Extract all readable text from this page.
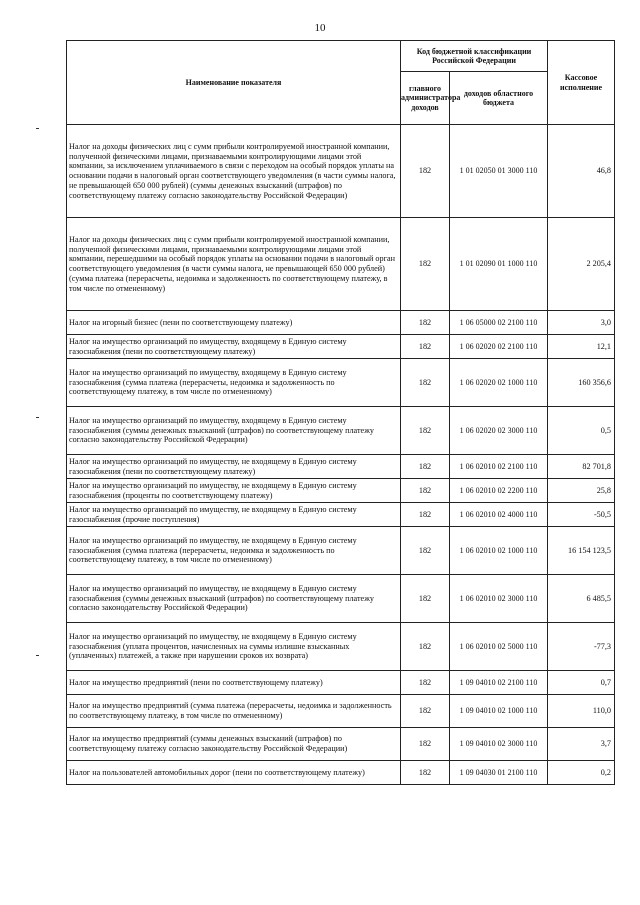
10
Наименование показателя	Код бюджетной классификации Российской Федерации		Кассовое исполнение
	главного администратора доходов	доходов областного бюджета	
Налог на доходы физических лиц с сумм прибыли контролируемой иностранной компании, полученной физическими лицами, признаваемыми контролирующими лицами этой компании, за исключением уплачиваемого в связи с переходом на особый порядок уплаты на основании подачи в налоговый орган соответствующего уведомления (в части суммы налога, не превышающей 650 000 рублей) (суммы денежных взысканий (штрафов) по соответствующему платежу согласно законодательству Российской Федерации)	182	1 01 02050 01 3000 110	46,8
Налог на доходы физических лиц с сумм прибыли контролируемой иностранной компании, полученной физическими лицами, признаваемыми контролирующими лицами этой компании, перешедшими на особый порядок уплаты на основании подачи в налоговый орган соответствующего уведомления (в части суммы налога, не превышающей 650 000 рублей) (сумма платежа (перерасчеты, недоимка и задолженность по соответствующему платежу, в том числе по отмененному)	182	1 01 02090 01 1000 110	2 205,4
Налог на игорный бизнес (пени по соответствующему платежу)	182	1 06 05000 02 2100 110	3,0
Налог на имущество организаций по имуществу, входящему в Единую систему газоснабжения (пени по соответствующему платежу)	182	1 06 02020 02 2100 110	12,1
Налог на имущество организаций по имуществу, входящему в Единую систему газоснабжения (сумма платежа (перерасчеты, недоимка и задолженность по соответствующему платежу, в том числе по отмененному)	182	1 06 02020 02 1000 110	160 356,6
Налог на имущество организаций по имуществу, входящему в Единую систему газоснабжения (суммы денежных взысканий (штрафов) по соответствующему платежу согласно законодательству Российской Федерации)	182	1 06 02020 02 3000 110	0,5
Налог на имущество организаций по имуществу, не входящему в Единую систему газоснабжения (пени по соответствующему платежу)	182	1 06 02010 02 2100 110	82 701,8
Налог на имущество организаций по имуществу, не входящему в Единую систему газоснабжения (проценты по соответствующему платежу)	182	1 06 02010 02 2200 110	25,8
Налог на имущество организаций по имуществу, не входящему в Единую систему газоснабжения (прочие поступления)	182	1 06 02010 02 4000 110	-50,5
Налог на имущество организаций по имуществу, не входящему в Единую систему газоснабжения (сумма платежа (перерасчеты, недоимка и задолженность по соответствующему платежу, в том числе по отмененному)	182	1 06 02010 02 1000 110	16 154 123,5
Налог на имущество организаций по имуществу, не входящему в Единую систему газоснабжения (суммы денежных взысканий (штрафов) по соответствующему платежу согласно законодательству Российской Федерации)	182	1 06 02010 02 3000 110	6 485,5
Налог на имущество организаций по имуществу, не входящему в Единую систему газоснабжения (уплата процентов, начисленных на суммы излишне взысканных (уплаченных) платежей, а также при нарушении сроков их возврата)	182	1 06 02010 02 5000 110	-77,3
Налог на имущество предприятий (пени по соответствующему платежу)	182	1 09 04010 02 2100 110	0,7
Налог на имущество предприятий (сумма платежа (перерасчеты, недоимка и задолженность по соответствующему платежу, в том числе по отмененному)	182	1 09 04010 02 1000 110	110,0
Налог на имущество предприятий (суммы денежных взысканий (штрафов) по соответствующему платежу согласно законодательству Российской Федерации)	182	1 09 04010 02 3000 110	3,7
Налог на пользователей автомобильных дорог (пени по соответствующему платежу)	182	1 09 04030 01 2100 110	0,2
